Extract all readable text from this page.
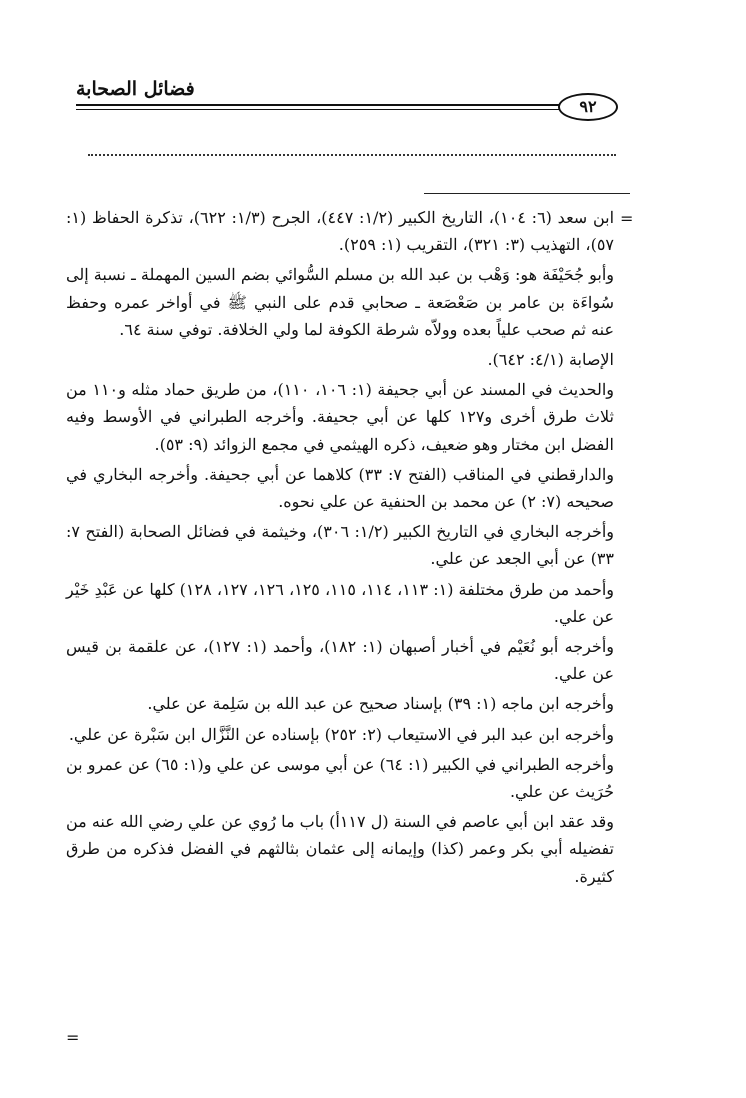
فضائل الصحابة
٩٢
=

ابن سعد (٦: ١٠٤)، التاريخ الكبير (١/٢: ٤٤٧)، الجرح (١/٣: ٦٢٢)، تذكرة الحفاظ (١: ٥٧)، التهذيب (٣: ٣٢١)، التقريب (١: ٢٥٩).

وأبو جُحَيْفَة هو: وَهْب بن عبد الله بن مسلم السُّوائي بضم السين المهملة ـ نسبة إلى سُواءَة بن عامر بن صَعْصَعة ـ صحابي قدم على النبي ﷺ في أواخر عمره وحفظ عنه ثم صحب علياً بعده وولاّه شرطة الكوفة لما ولي الخلافة. توفي سنة ٦٤.

الإصابة (٤/١: ٦٤٢).

والحديث في المسند عن أبي جحيفة (١: ١٠٦، ١١٠)، من طريق حماد مثله و١١٠ من ثلاث طرق أخرى و١٢٧ كلها عن أبي جحيفة. وأخرجه الطبراني في الأوسط وفيه الفضل ابن مختار وهو ضعيف، ذكره الهيثمي في مجمع الزوائد (٩: ٥٣).

والدارقطني في المناقب (الفتح ٧: ٣٣) كلاهما عن أبي جحيفة. وأخرجه البخاري في صحيحه (٧: ٢) عن محمد بن الحنفية عن علي نحوه.

وأخرجه البخاري في التاريخ الكبير (١/٢: ٣٠٦)، وخيثمة في فضائل الصحابة (الفتح ٧: ٣٣) عن أبي الجعد عن علي.

وأحمد من طرق مختلفة (١: ١١٣، ١١٤، ١١٥، ١٢٥، ١٢٦، ١٢٧، ١٢٨) كلها عن عَبْدِ خَيْر عن علي.

وأخرجه أبو نُعَيْم في أخبار أصبهان (١: ١٨٢)، وأحمد (١: ١٢٧)، عن علقمة بن قيس عن علي.

وأخرجه ابن ماجه (١: ٣٩) بإسناد صحيح عن عبد الله بن سَلِمة عن علي.

وأخرجه ابن عبد البر في الاستيعاب (٢: ٢٥٢) بإسناده عن النَّزَّال ابن سَبْرة عن علي.

وأخرجه الطبراني في الكبير (١: ٦٤) عن أبي موسى عن علي و(١: ٦٥) عن عمرو بن حُرَيث عن علي.

وقد عقد ابن أبي عاصم في السنة (ل ١١٧أ) باب ما رُوي عن علي رضي الله عنه من تفضيله أبي بكر وعمر (كذا) وإيمانه إلى عثمان بثالثهم في الفضل فذكره من طرق كثيرة.

=
